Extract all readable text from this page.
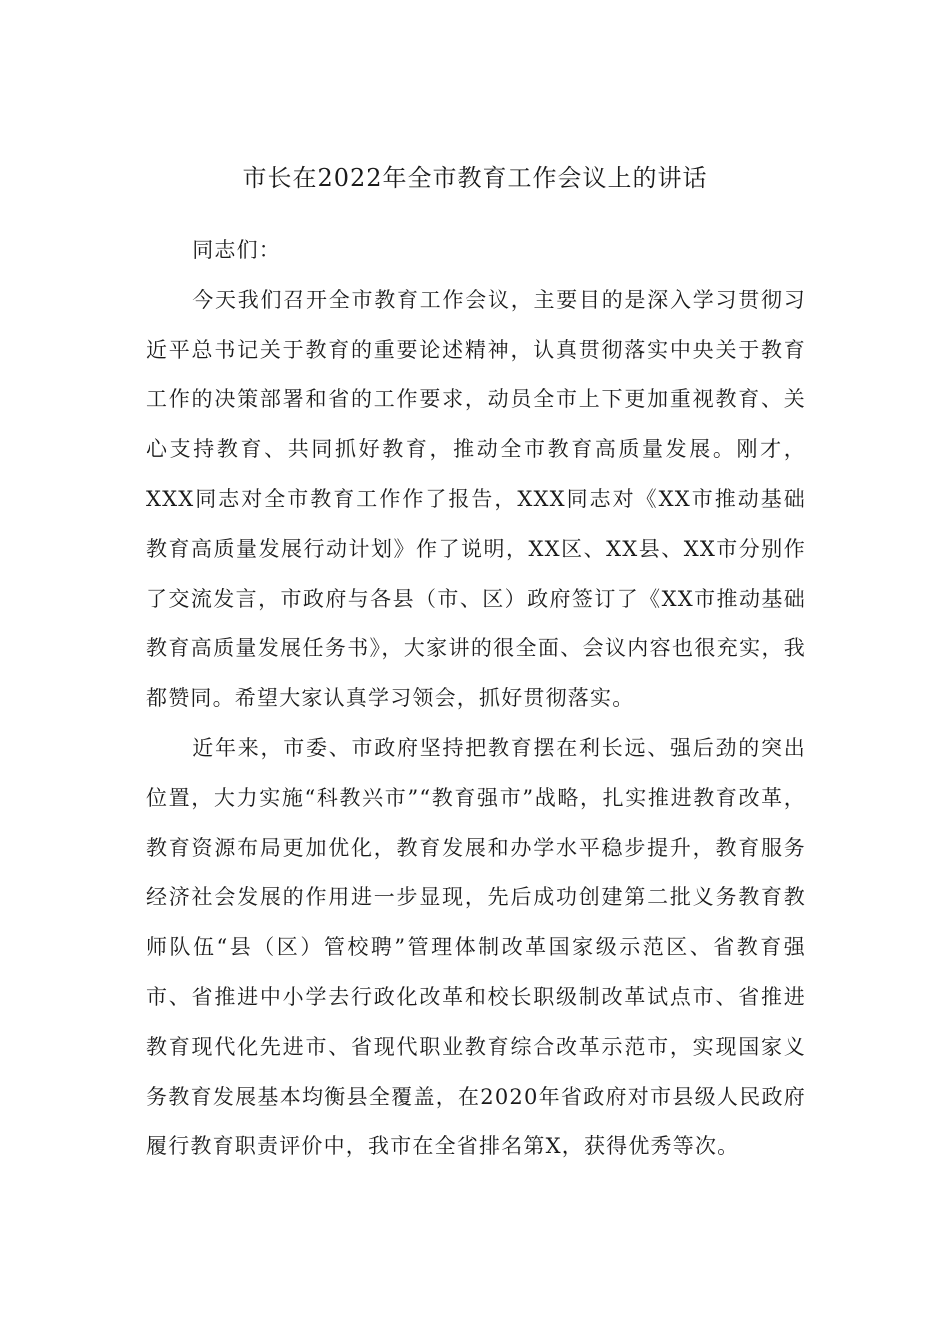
市长在2022年全市教育工作会议上的讲话

同志们：

今天我们召开全市教育工作会议，主要目的是深入学习贯彻习近平总书记关于教育的重要论述精神，认真贯彻落实中央关于教育工作的决策部署和省的工作要求，动员全市上下更加重视教育、关心支持教育、共同抓好教育，推动全市教育高质量发展。刚才，XXX同志对全市教育工作作了报告，XXX同志对《XX市推动基础教育高质量发展行动计划》作了说明，XX区、XX县、XX市分别作了交流发言，市政府与各县（市、区）政府签订了《XX市推动基础教育高质量发展任务书》，大家讲的很全面、会议内容也很充实，我都赞同。希望大家认真学习领会，抓好贯彻落实。

近年来，市委、市政府坚持把教育摆在利长远、强后劲的突出位置，大力实施“科教兴市”“教育强市”战略，扎实推进教育改革，教育资源布局更加优化，教育发展和办学水平稳步提升，教育服务经济社会发展的作用进一步显现，先后成功创建第二批义务教育教师队伍“县（区）管校聘”管理体制改革国家级示范区、省教育强市、省推进中小学去行政化改革和校长职级制改革试点市、省推进教育现代化先进市、省现代职业教育综合改革示范市，实现国家义务教育发展基本均衡县全覆盖，在2020年省政府对市县级人民政府履行教育职责评价中，我市在全省排名第X，获得优秀等次。
